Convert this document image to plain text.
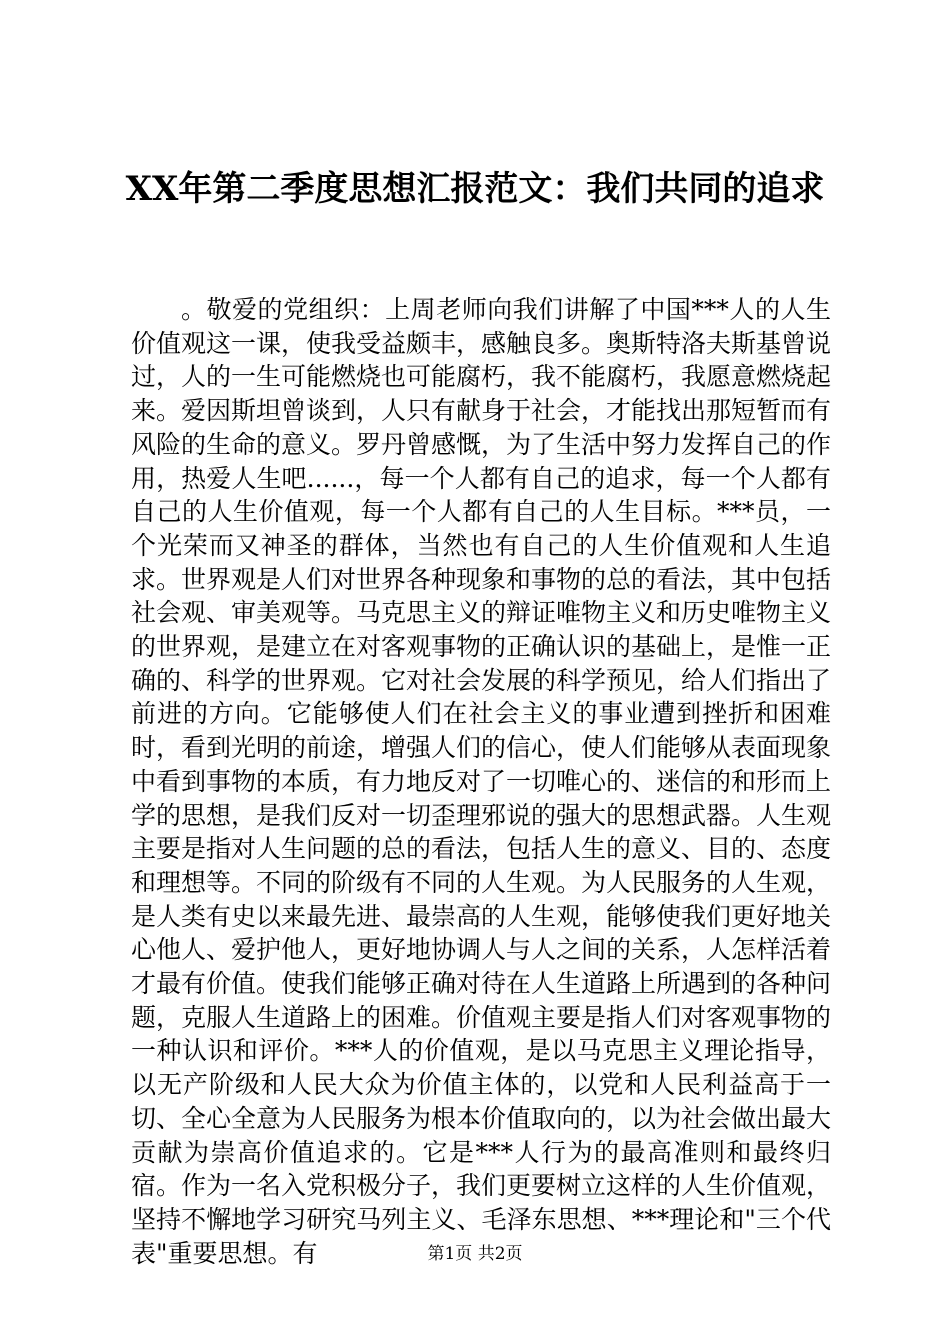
XX年第二季度思想汇报范文：我们共同的追求

。敬爱的党组织：上周老师向我们讲解了中国***人的人生价值观这一课，使我受益颇丰，感触良多。奥斯特洛夫斯基曾说过，人的一生可能燃烧也可能腐朽，我不能腐朽，我愿意燃烧起来。爱因斯坦曾谈到，人只有献身于社会，才能找出那短暂而有风险的生命的意义。罗丹曾感慨，为了生活中努力发挥自己的作用，热爱人生吧......，每一个人都有自己的追求，每一个人都有自己的人生价值观，每一个人都有自己的人生目标。***员，一个光荣而又神圣的群体，当然也有自己的人生价值观和人生追求。世界观是人们对世界各种现象和事物的总的看法，其中包括社会观、审美观等。马克思主义的辩证唯物主义和历史唯物主义的世界观，是建立在对客观事物的正确认识的基础上，是惟一正确的、科学的世界观。它对社会发展的科学预见，给人们指出了前进的方向。它能够使人们在社会主义的事业遭到挫折和困难时，看到光明的前途，增强人们的信心，使人们能够从表面现象中看到事物的本质，有力地反对了一切唯心的、迷信的和形而上学的思想，是我们反对一切歪理邪说的强大的思想武器。人生观主要是指对人生问题的总的看法，包括人生的意义、目的、态度和理想等。不同的阶级有不同的人生观。为人民服务的人生观，是人类有史以来最先进、最崇高的人生观，能够使我们更好地关心他人、爱护他人，更好地协调人与人之间的关系，人怎样活着才最有价值。使我们能够正确对待在人生道路上所遇到的各种问题，克服人生道路上的困难。价值观主要是指人们对客观事物的一种认识和评价。***人的价值观，是以马克思主义理论指导，以无产阶级和人民大众为价值主体的，以党和人民利益高于一切、全心全意为人民服务为根本价值取向的，以为社会做出最大贡献为崇高价值追求的。它是***人行为的最高准则和最终归宿。作为一名入党积极分子，我们更要树立这样的人生价值观，坚持不懈地学习研究马列主义、毛泽东思想、***理论和"三个代表"重要思想。有	第1页 共2页
